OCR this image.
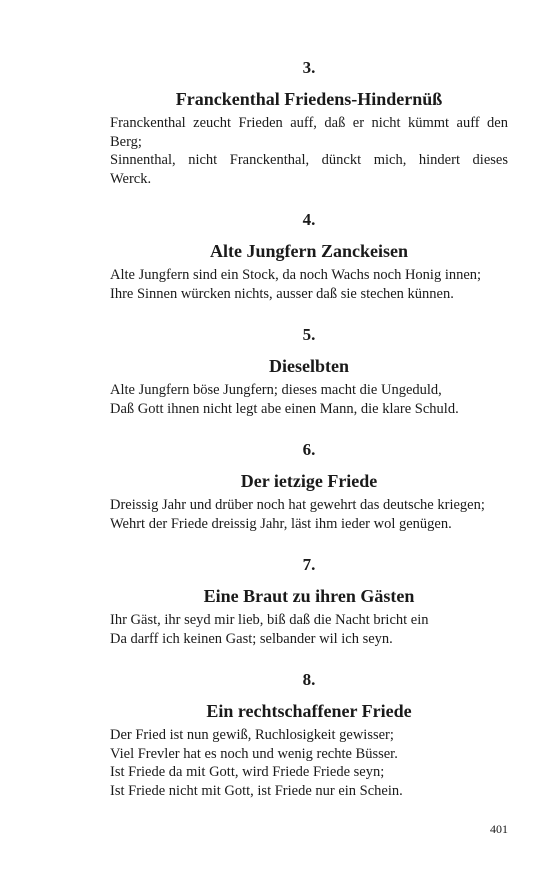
3.
Franckenthal Friedens-Hindernüß
Franckenthal zeucht Frieden auff, daß er nicht kümmt auff den
Berg;
Sinnenthal, nicht Franckenthal, dünckt mich, hindert dieses
Werck.
4.
Alte Jungfern Zanckeisen
Alte Jungfern sind ein Stock, da noch Wachs noch Honig innen;
Ihre Sinnen würcken nichts, ausser daß sie stechen künnen.
5.
Dieselbten
Alte Jungfern böse Jungfern; dieses macht die Ungeduld,
Daß Gott ihnen nicht legt abe einen Mann, die klare Schuld.
6.
Der ietzige Friede
Dreissig Jahr und drüber noch hat gewehrt das deutsche kriegen;
Wehrt der Friede dreissig Jahr, läst ihm ieder wol genügen.
7.
Eine Braut zu ihren Gästen
Ihr Gäst, ihr seyd mir lieb, biß daß die Nacht bricht ein
Da darff ich keinen Gast; selbander wil ich seyn.
8.
Ein rechtschaffener Friede
Der Fried ist nun gewiß, Ruchlosigkeit gewisser;
Viel Frevler hat es noch und wenig rechte Büsser.
Ist Friede da mit Gott, wird Friede Friede seyn;
Ist Friede nicht mit Gott, ist Friede nur ein Schein.
401
